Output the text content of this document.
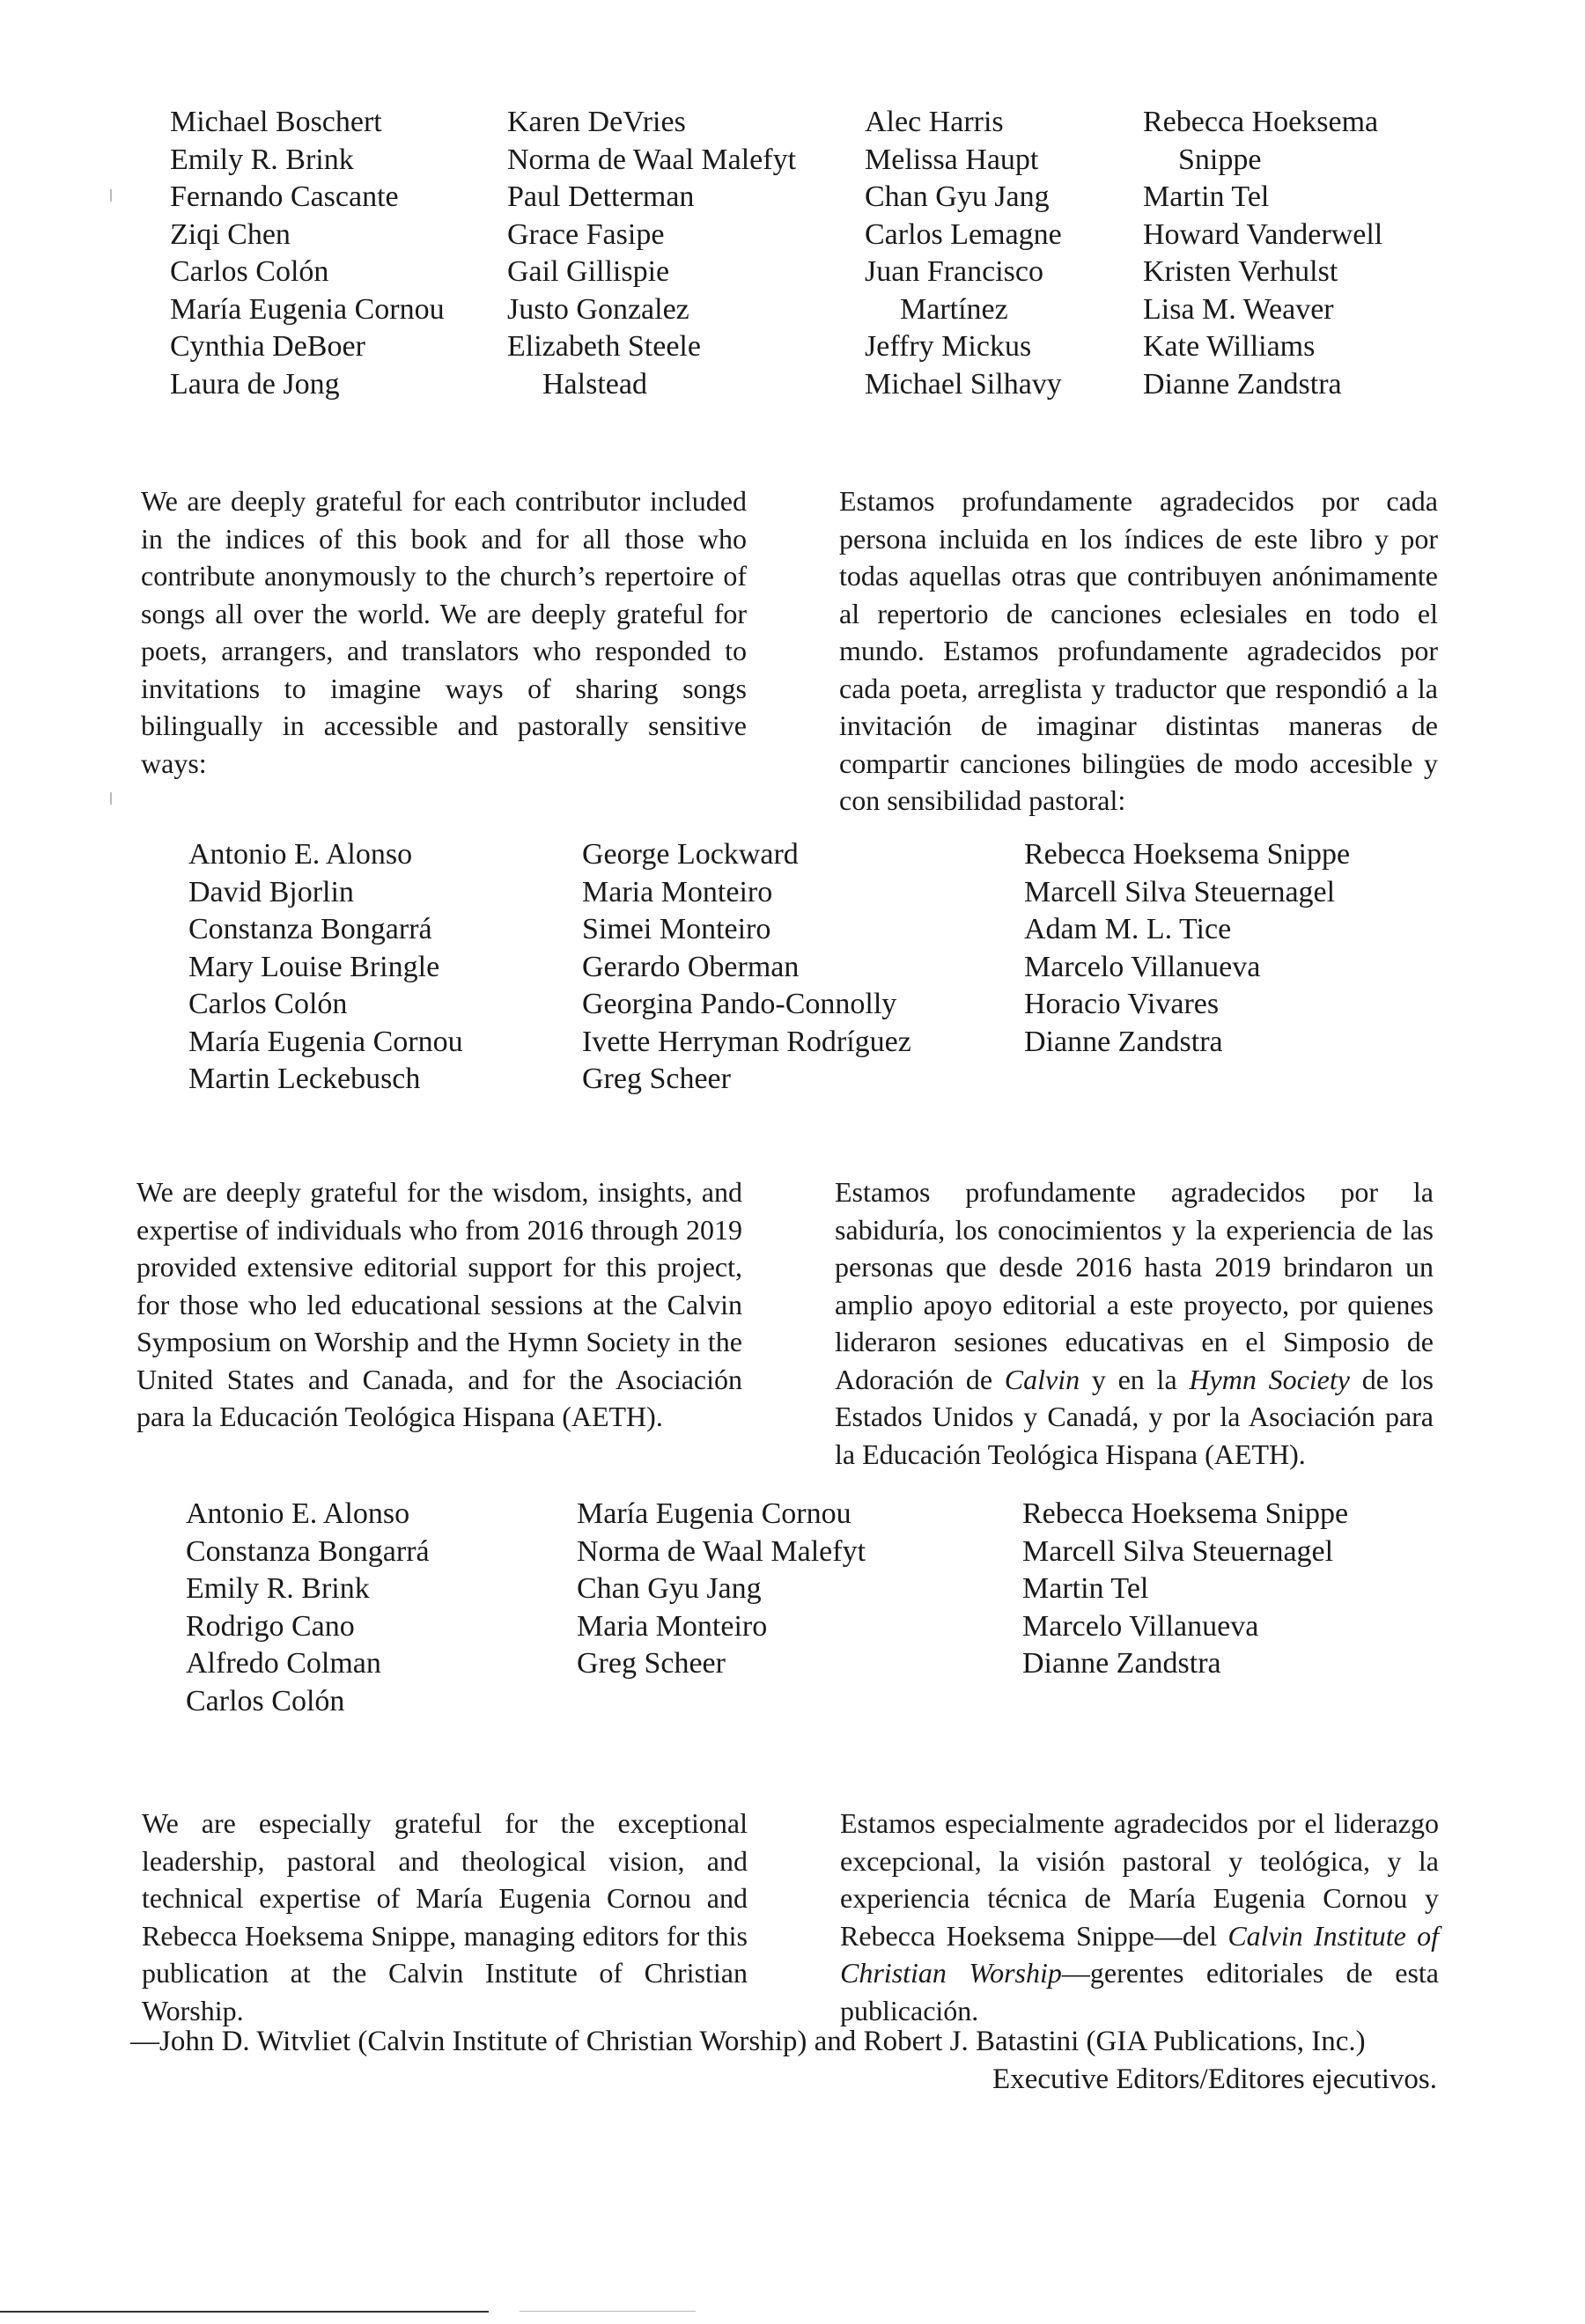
Michael Boschert
Emily R. Brink
Fernando Cascante
Ziqi Chen
Carlos Colón
María Eugenia Cornou
Cynthia DeBoer
Laura de Jong
Karen DeVries
Norma de Waal Malefyt
Paul Detterman
Grace Fasipe
Gail Gillispie
Justo Gonzalez
Elizabeth Steele
Halstead
Alec Harris
Melissa Haupt
Chan Gyu Jang
Carlos Lemagne
Juan Francisco
Martínez
Jeffry Mickus
Michael Silhavy
Rebecca Hoeksema
Snippe
Martin Tel
Howard Vanderwell
Kristen Verhulst
Lisa M. Weaver
Kate Williams
Dianne Zandstra

We are deeply grateful for each contributor included in the indices of this book and for all those who contribute anonymously to the church’s repertoire of songs all over the world. We are deeply grateful for poets, arrangers, and translators who responded to invitations to imagine ways of sharing songs bilingually in accessible and pastorally sensitive ways:

Estamos profundamente agradecidos por cada persona incluida en los índices de este libro y por todas aquellas otras que contribuyen anónimamente al repertorio de canciones eclesiales en todo el mundo. Estamos profundamente agradecidos por cada poeta, arreglista y traductor que respondió a la invitación de imaginar distintas maneras de compartir canciones bilingües de modo accesible y con sensibilidad pastoral:

Antonio E. Alonso
David Bjorlin
Constanza Bongarrá
Mary Louise Bringle
Carlos Colón
María Eugenia Cornou
Martin Leckebusch
George Lockward
Maria Monteiro
Simei Monteiro
Gerardo Oberman
Georgina Pando-Connolly
Ivette Herryman Rodríguez
Greg Scheer
Rebecca Hoeksema Snippe
Marcell Silva Steuernagel
Adam M. L. Tice
Marcelo Villanueva
Horacio Vivares
Dianne Zandstra

We are deeply grateful for the wisdom, insights, and expertise of individuals who from 2016 through 2019 provided extensive editorial support for this project, for those who led educational sessions at the Calvin Symposium on Worship and the Hymn Society in the United States and Canada, and for the Asociación para la Educación Teológica Hispana (AETH).

Estamos profundamente agradecidos por la sabiduría, los conocimientos y la experiencia de las personas que desde 2016 hasta 2019 brindaron un amplio apoyo editorial a este proyecto, por quienes lideraron sesiones educativas en el Simposio de Adoración de Calvin y en la Hymn Society de los Estados Unidos y Canadá, y por la Asociación para la Educación Teológica Hispana (AETH).

Antonio E. Alonso
Constanza Bongarrá
Emily R. Brink
Rodrigo Cano
Alfredo Colman
Carlos Colón
María Eugenia Cornou
Norma de Waal Malefyt
Chan Gyu Jang
Maria Monteiro
Greg Scheer
Rebecca Hoeksema Snippe
Marcell Silva Steuernagel
Martin Tel
Marcelo Villanueva
Dianne Zandstra

We are especially grateful for the exceptional leadership, pastoral and theological vision, and technical expertise of María Eugenia Cornou and Rebecca Hoeksema Snippe, managing editors for this publication at the Calvin Institute of Christian Worship.

Estamos especialmente agradecidos por el liderazgo excepcional, la visión pastoral y teológica, y la experiencia técnica de María Eugenia Cornou y Rebecca Hoeksema Snippe—del Calvin Institute of Christian Worship—gerentes editoriales de esta publicación.

—John D. Witvliet (Calvin Institute of Christian Worship) and Robert J. Batastini (GIA Publications, Inc.)
Executive Editors/Editores ejecutivos.
